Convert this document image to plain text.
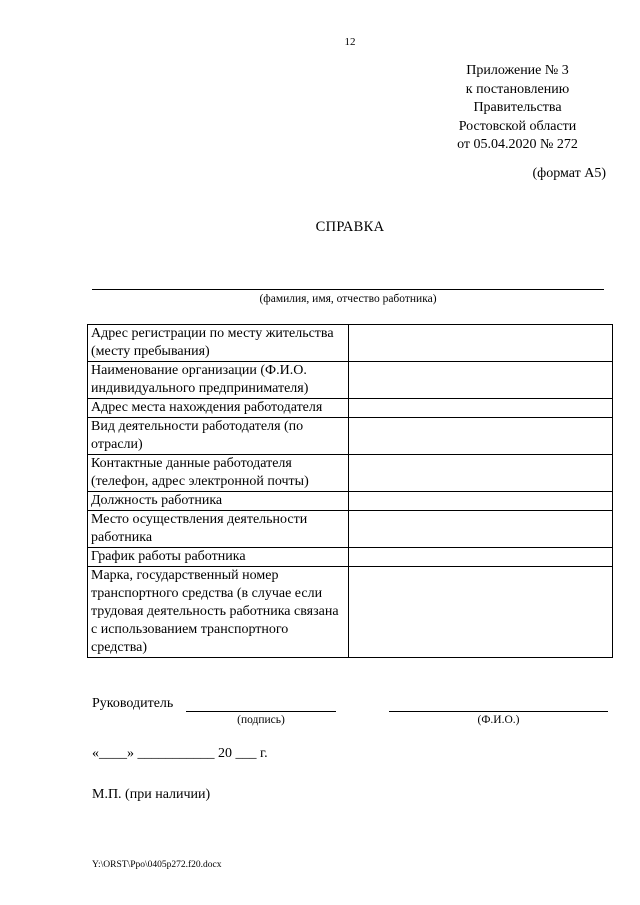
12
Приложение № 3
к постановлению
Правительства
Ростовской области
от 05.04.2020 № 272
(формат А5)
СПРАВКА
(фамилия, имя, отчество работника)
Адрес регистрации по месту жительства (месту пребывания)	
Наименование организации (Ф.И.О. индивидуального предпринимателя)	
Адрес места нахождения работодателя	
Вид деятельности работодателя (по отрасли)	
Контактные данные работодателя (телефон, адрес электронной почты)	
Должность работника	
Место осуществления деятельности работника	
График работы работника	
Марка, государственный номер транспортного средства (в случае если трудовая деятельность работника связана с использованием транспортного средства)	
Руководитель
(подпись)	(Ф.И.О.)
«____» ___________ 20 ___ г.
М.П. (при наличии)
Y:\ORST\Ppo\0405p272.f20.docx
